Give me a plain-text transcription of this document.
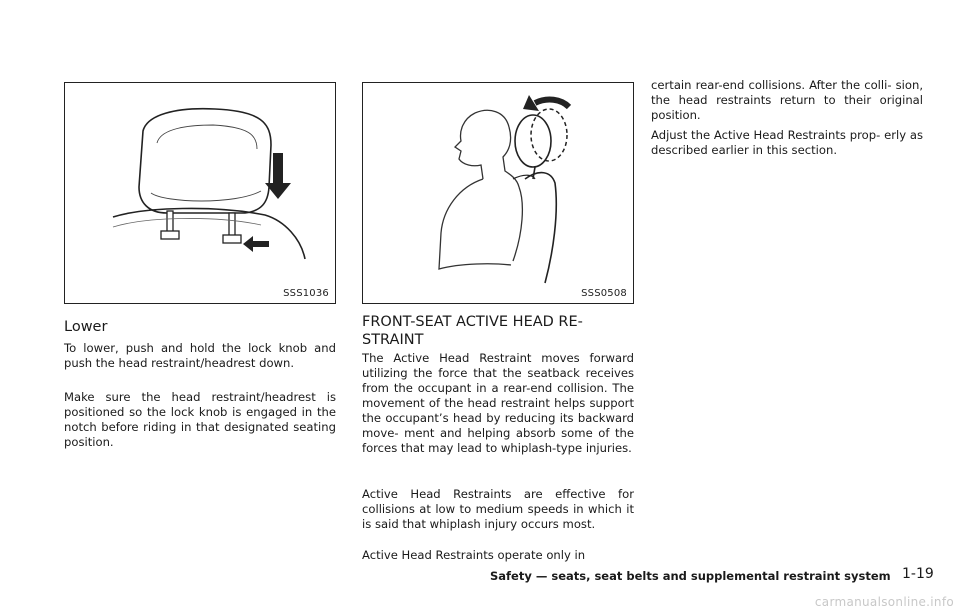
SSS1036	SSS0508
Lower

To lower, push and hold the lock knob and push the head restraint/headrest down.

Make sure the head restraint/headrest is positioned so the lock knob is engaged in the notch before riding in that designated seating position.

FRONT-SEAT ACTIVE HEAD RE-
STRAINT

The Active Head Restraint moves forward utilizing the force that the seatback receives from the occupant in a rear-end collision. The movement of the head restraint helps support the occupant’s head by reducing its backward move- ment and helping absorb some of the forces that may lead to whiplash-type injuries.

Active Head Restraints are effective for collisions at low to medium speeds in which it is said that whiplash injury occurs most.

Active Head Restraints operate only in

certain rear-end collisions. After the colli- sion, the head restraints return to their original position.

Adjust the Active Head Restraints prop- erly as described earlier in this section.

Safety — seats, seat belts and supplemental restraint system 1-19
carmanualsonline.info
